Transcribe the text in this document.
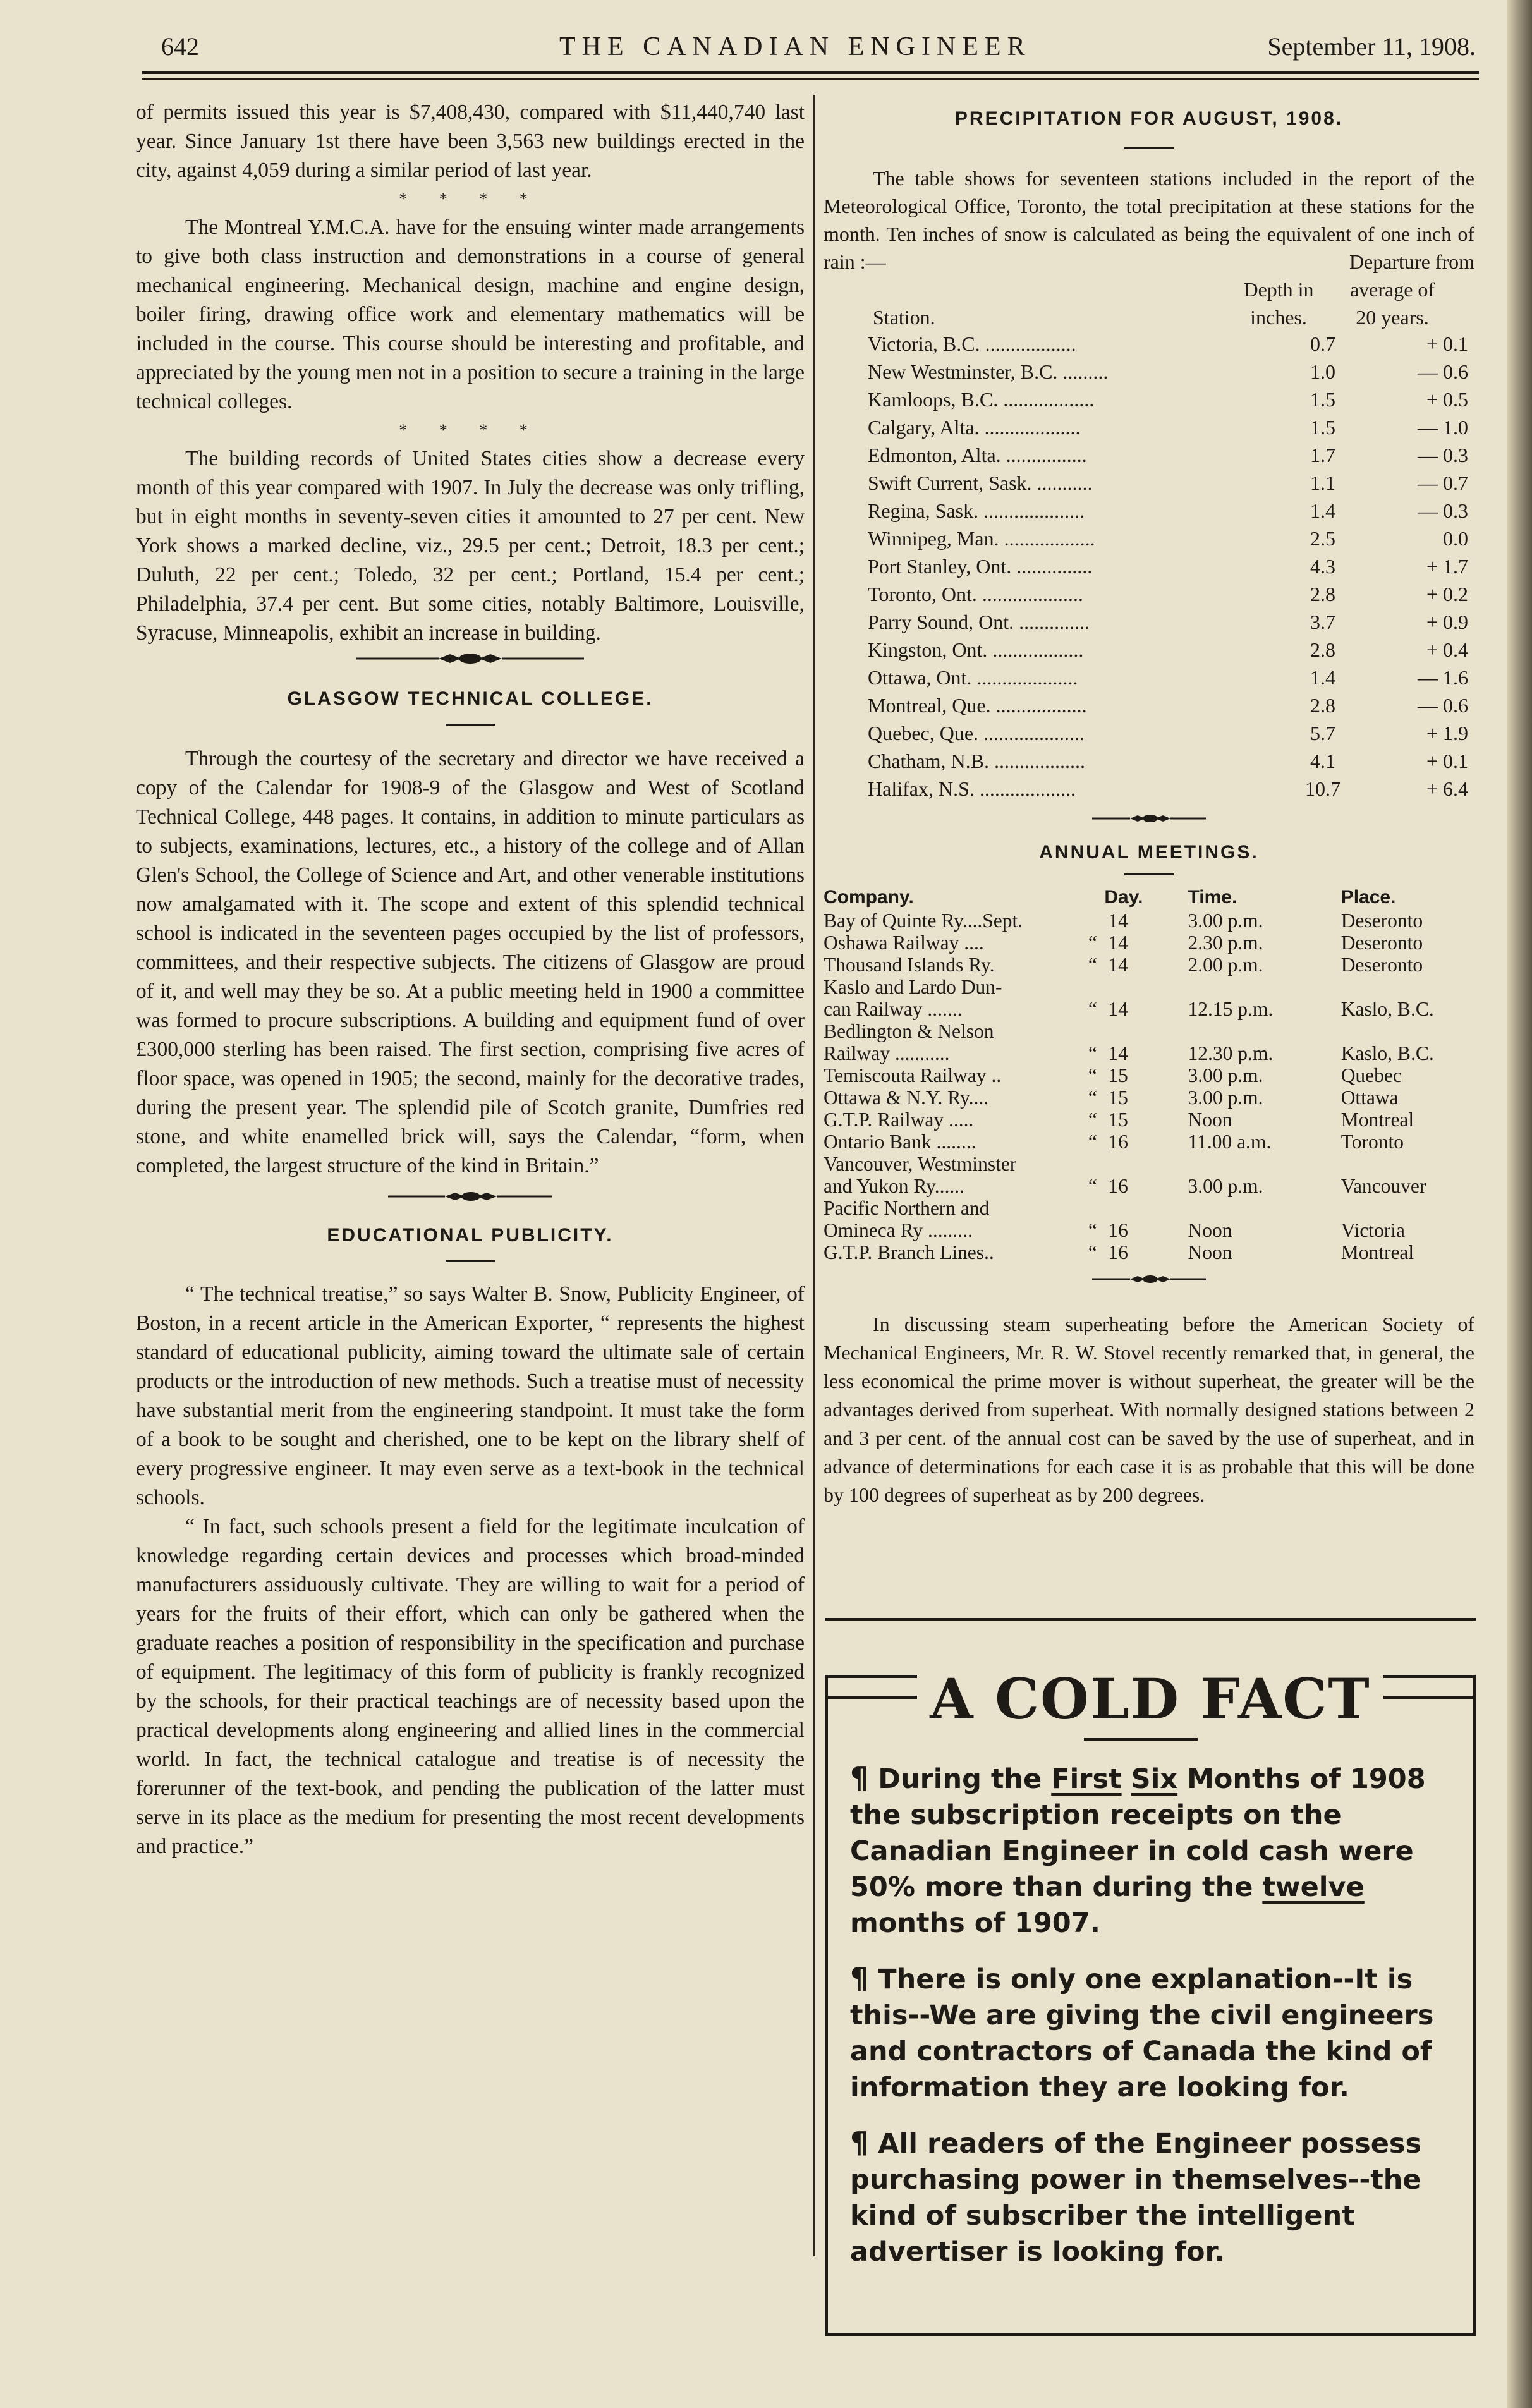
642	THE CANADIAN ENGINEER	September 11, 1908.

of permits issued this year is $7,408,430, compared with $11,440,740 last year. Since January 1st there have been 3,563 new buildings erected in the city, against 4,059 during a similar period of last year.

* * * *

The Montreal Y.M.C.A. have for the ensuing winter made arrangements to give both class instruction and demonstrations in a course of general mechanical engineering. Mechanical design, machine and engine design, boiler firing, drawing office work and elementary mathematics will be included in the course. This course should be interesting and profitable, and appreciated by the young men not in a position to secure a training in the large technical colleges.

* * * *

The building records of United States cities show a decrease every month of this year compared with 1907. In July the decrease was only trifling, but in eight months in seventy-seven cities it amounted to 27 per cent. New York shows a marked decline, viz., 29.5 per cent.; Detroit, 18.3 per cent.; Duluth, 22 per cent.; Toledo, 32 per cent.; Portland, 15.4 per cent.; Philadelphia, 37.4 per cent. But some cities, notably Baltimore, Louisville, Syracuse, Minneapolis, exhibit an increase in building.

GLASGOW TECHNICAL COLLEGE.

Through the courtesy of the secretary and director we have received a copy of the Calendar for 1908-9 of the Glasgow and West of Scotland Technical College, 448 pages. It contains, in addition to minute particulars as to subjects, examinations, lectures, etc., a history of the college and of Allan Glen's School, the College of Science and Art, and other venerable institutions now amalgamated with it. The scope and extent of this splendid technical school is indicated in the seventeen pages occupied by the list of professors, committees, and their respective subjects. The citizens of Glasgow are proud of it, and well may they be so. At a public meeting held in 1900 a committee was formed to procure subscriptions. A building and equipment fund of over £300,000 sterling has been raised. The first section, comprising five acres of floor space, was opened in 1905; the second, mainly for the decorative trades, during the present year. The splendid pile of Scotch granite, Dumfries red stone, and white enamelled brick will, says the Calendar, “form, when completed, the largest structure of the kind in Britain.”

EDUCATIONAL PUBLICITY.

“ The technical treatise,” so says Walter B. Snow, Publicity Engineer, of Boston, in a recent article in the American Exporter, “ represents the highest standard of educational publicity, aiming toward the ultimate sale of certain products or the introduction of new methods. Such a treatise must of necessity have substantial merit from the engineering standpoint. It must take the form of a book to be sought and cherished, one to be kept on the library shelf of every progressive engineer. It may even serve as a text-book in the technical schools.

“ In fact, such schools present a field for the legitimate inculcation of knowledge regarding certain devices and processes which broad-minded manufacturers assiduously cultivate. They are willing to wait for a period of years for the fruits of their effort, which can only be gathered when the graduate reaches a position of responsibility in the specification and purchase of equipment. The legitimacy of this form of publicity is frankly recognized by the schools, for their practical teachings are of necessity based upon the practical developments along engineering and allied lines in the commercial world. In fact, the technical catalogue and treatise is of necessity the forerunner of the text-book, and pending the publication of the latter must serve in its place as the medium for presenting the most recent developments and practice.”

PRECIPITATION FOR AUGUST, 1908.

The table shows for seventeen stations included in the report of the Meteorological Office, Toronto, the total precipitation at these stations for the month. Ten inches of snow is calculated as being the equivalent of one inch of rain :—	Departure from
Depth in	average of
Station.	inches.	20 years.
Victoria, B.C. ..................	0.7	+ 0.1
New Westminster, B.C. .........	1.0	— 0.6
Kamloops, B.C. ..................	1.5	+ 0.5
Calgary, Alta. ...................	1.5	— 1.0
Edmonton, Alta. ................	1.7	— 0.3
Swift Current, Sask. ...........	1.1	— 0.7
Regina, Sask. ....................	1.4	— 0.3
Winnipeg, Man. ..................	2.5	0.0
Port Stanley, Ont. ...............	4.3	+ 1.7
Toronto, Ont. ....................	2.8	+ 0.2
Parry Sound, Ont. ..............	3.7	+ 0.9
Kingston, Ont. ..................	2.8	+ 0.4
Ottawa, Ont. ....................	1.4	— 1.6
Montreal, Que. ..................	2.8	— 0.6
Quebec, Que. ....................	5.7	+ 1.9
Chatham, N.B. ..................	4.1	+ 0.1
Halifax, N.S. ...................	10.7	+ 6.4
ANNUAL MEETINGS.
Company.		Day.	Time.	Place.
Bay of Quinte Ry....Sept.		14	3.00 p.m.	Deseronto
Oshawa Railway ....	“	14	2.30 p.m.	Deseronto
Thousand Islands Ry.	“	14	2.00 p.m.	Deseronto
Kaslo and Lardo Dun-				
can Railway .......	“	14	12.15 p.m.	Kaslo, B.C.
Bedlington & Nelson				
Railway ...........	“	14	12.30 p.m.	Kaslo, B.C.
Temiscouta Railway ..	“	15	3.00 p.m.	Quebec
Ottawa & N.Y. Ry....	“	15	3.00 p.m.	Ottawa
G.T.P. Railway .....	“	15	Noon	Montreal
Ontario Bank ........	“	16	11.00 a.m.	Toronto
Vancouver, Westminster				
and Yukon Ry......	“	16	3.00 p.m.	Vancouver
Pacific Northern and				
Omineca Ry .........	“	16	Noon	Victoria
G.T.P. Branch Lines..	“	16	Noon	Montreal

In discussing steam superheating before the American Society of Mechanical Engineers, Mr. R. W. Stovel recently remarked that, in general, the less economical the prime mover is without superheat, the greater will be the advantages derived from superheat. With normally designed stations between 2 and 3 per cent. of the annual cost can be saved by the use of superheat, and in advance of determinations for each case it is as probable that this will be done by 100 degrees of superheat as by 200 degrees.

A COLD FACT

¶ During the First Six Months of 1908 the subscription receipts on the Canadian Engineer in cold cash were 50% more than during the twelve months of 1907.

¶ There is only one explanation--It is this--We are giving the civil engineers and contractors of Canada the kind of information they are looking for.

¶ All readers of the Engineer possess purchasing power in themselves--the kind of subscriber the intelligent advertiser is looking for.
